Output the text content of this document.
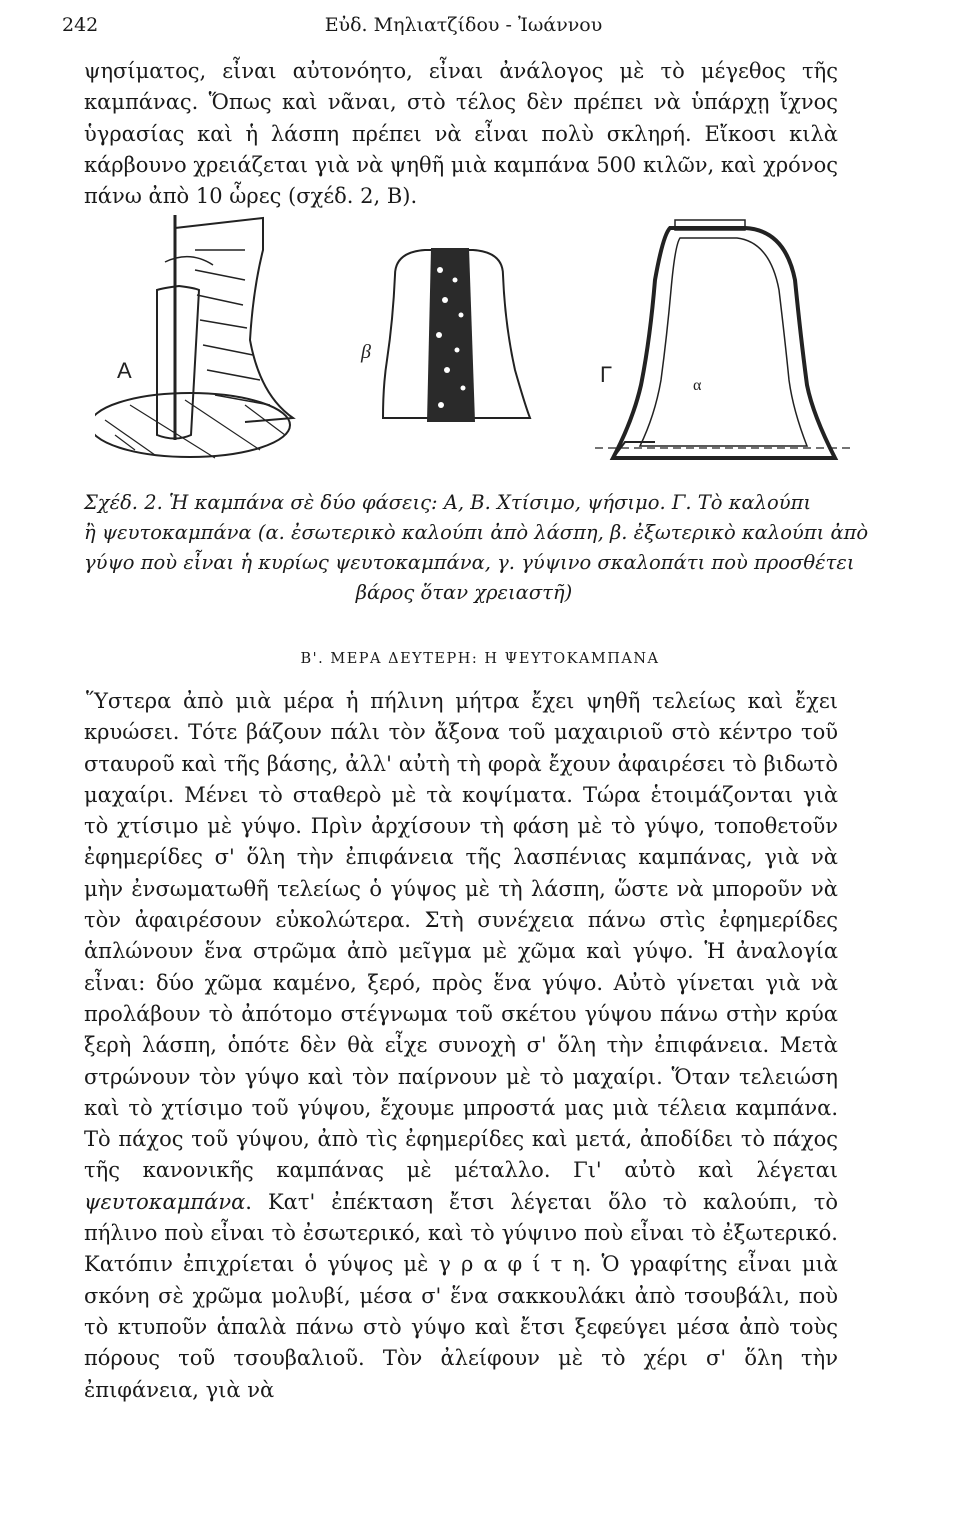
242	Εὐδ. Μηλιατζίδου - Ἰωάννου

ψησίματος, εἶναι αὐτονόητο, εἶναι ἀνάλογος μὲ τὸ μέγεθος τῆς καμπάνας. Ὅπως καὶ νᾶναι, στὸ τέλος δὲν πρέπει νὰ ὑπάρχῃ ἴχνος ὑγρασίας καὶ ἡ λάσπη πρέπει νὰ εἶναι πολὺ σκληρή. Εἴκοσι κιλὰ κάρβουνο χρειάζεται γιὰ νὰ ψηθῆ μιὰ καμπάνα 500 κιλῶν, καὶ χρόνος πάνω ἀπὸ 10 ὧρες (σχέδ. 2, Β).

A
β
Γ	α
Σχέδ. 2. Ἡ καμπάνα σὲ δύο φάσεις: Α, Β. Χτίσιμο, ψήσιμο. Γ. Τὸ καλούπι
ἢ ψευτοκαμπάνα (α. ἐσωτερικὸ καλούπι ἀπὸ λάσπη, β. ἐξωτερικὸ καλούπι ἀπὸ
γύψο ποὺ εἶναι ἡ κυρίως ψευτοκαμπάνα, γ. γύψινο σκαλοπάτι ποὺ προσθέτει
βάρος ὅταν χρειαστῆ)
Β'. ΜΕΡΑ ΔΕΥΤΕΡΗ: Η ΨΕΥΤΟΚΑΜΠΑΝΑ

Ὕστερα ἀπὸ μιὰ μέρα ἡ πήλινη μήτρα ἔχει ψηθῆ τελείως καὶ ἔχει κρυώσει. Τότε βάζουν πάλι τὸν ἄξονα τοῦ μαχαιριοῦ στὸ κέντρο τοῦ σταυροῦ καὶ τῆς βάσης, ἀλλ' αὐτὴ τὴ φορὰ ἔχουν ἀφαιρέσει τὸ βιδωτὸ μαχαίρι. Μένει τὸ σταθερὸ μὲ τὰ κοψίματα. Τώρα ἑτοιμάζονται γιὰ τὸ χτίσιμο μὲ γύψο. Πρὶν ἀρχίσουν τὴ φάση μὲ τὸ γύψο, τοποθετοῦν ἐφημερίδες σ' ὅλη τὴν ἐπιφάνεια τῆς λασπένιας καμπάνας, γιὰ νὰ μὴν ἐνσωματωθῆ τελείως ὁ γύψος μὲ τὴ λάσπη, ὥστε νὰ μποροῦν νὰ τὸν ἀφαιρέσουν εὐκολώτερα. Στὴ συνέχεια πάνω στὶς ἐφημερίδες ἁπλώνουν ἕνα στρῶμα ἀπὸ μεῖγμα μὲ χῶμα καὶ γύψο. Ἡ ἀναλογία εἶναι: δύο χῶμα καμένο, ξερό, πρὸς ἕνα γύψο. Αὐτὸ γίνεται γιὰ νὰ προλάβουν τὸ ἀπότομο στέγνωμα τοῦ σκέτου γύψου πάνω στὴν κρύα ξερὴ λάσπη, ὁπότε δὲν θὰ εἶχε συνοχὴ σ' ὅλη τὴν ἐπιφάνεια. Μετὰ στρώνουν τὸν γύψο καὶ τὸν παίρνουν μὲ τὸ μαχαίρι. Ὅταν τελειώση καὶ τὸ χτίσιμο τοῦ γύψου, ἔχουμε μπροστά μας μιὰ τέλεια καμπάνα. Τὸ πάχος τοῦ γύψου, ἀπὸ τὶς ἐφημερίδες καὶ μετά, ἀποδίδει τὸ πάχος τῆς κανονικῆς καμπάνας μὲ μέταλλο. Γι' αὐτὸ καὶ λέγεται ψευτοκαμπάνα. Κατ' ἐπέκταση ἔτσι λέγεται ὅλο τὸ καλούπι, τὸ πήλινο ποὺ εἶναι τὸ ἐσωτερικό, καὶ τὸ γύψινο ποὺ εἶναι τὸ ἐξωτερικό. Κατόπιν ἐπιχρίεται ὁ γύψος μὲ γ ρ α φ ί τ η. Ὁ γραφίτης εἶναι μιὰ σκόνη σὲ χρῶμα μολυβί, μέσα σ' ἕνα σακκουλάκι ἀπὸ τσουβάλι, ποὺ τὸ κτυποῦν ἁπαλὰ πάνω στὸ γύψο καὶ ἔτσι ξεφεύγει μέσα ἀπὸ τοὺς πόρους τοῦ τσουβαλιοῦ. Τὸν ἀλείφουν μὲ τὸ χέρι σ' ὅλη τὴν ἐπιφάνεια, γιὰ νὰ
